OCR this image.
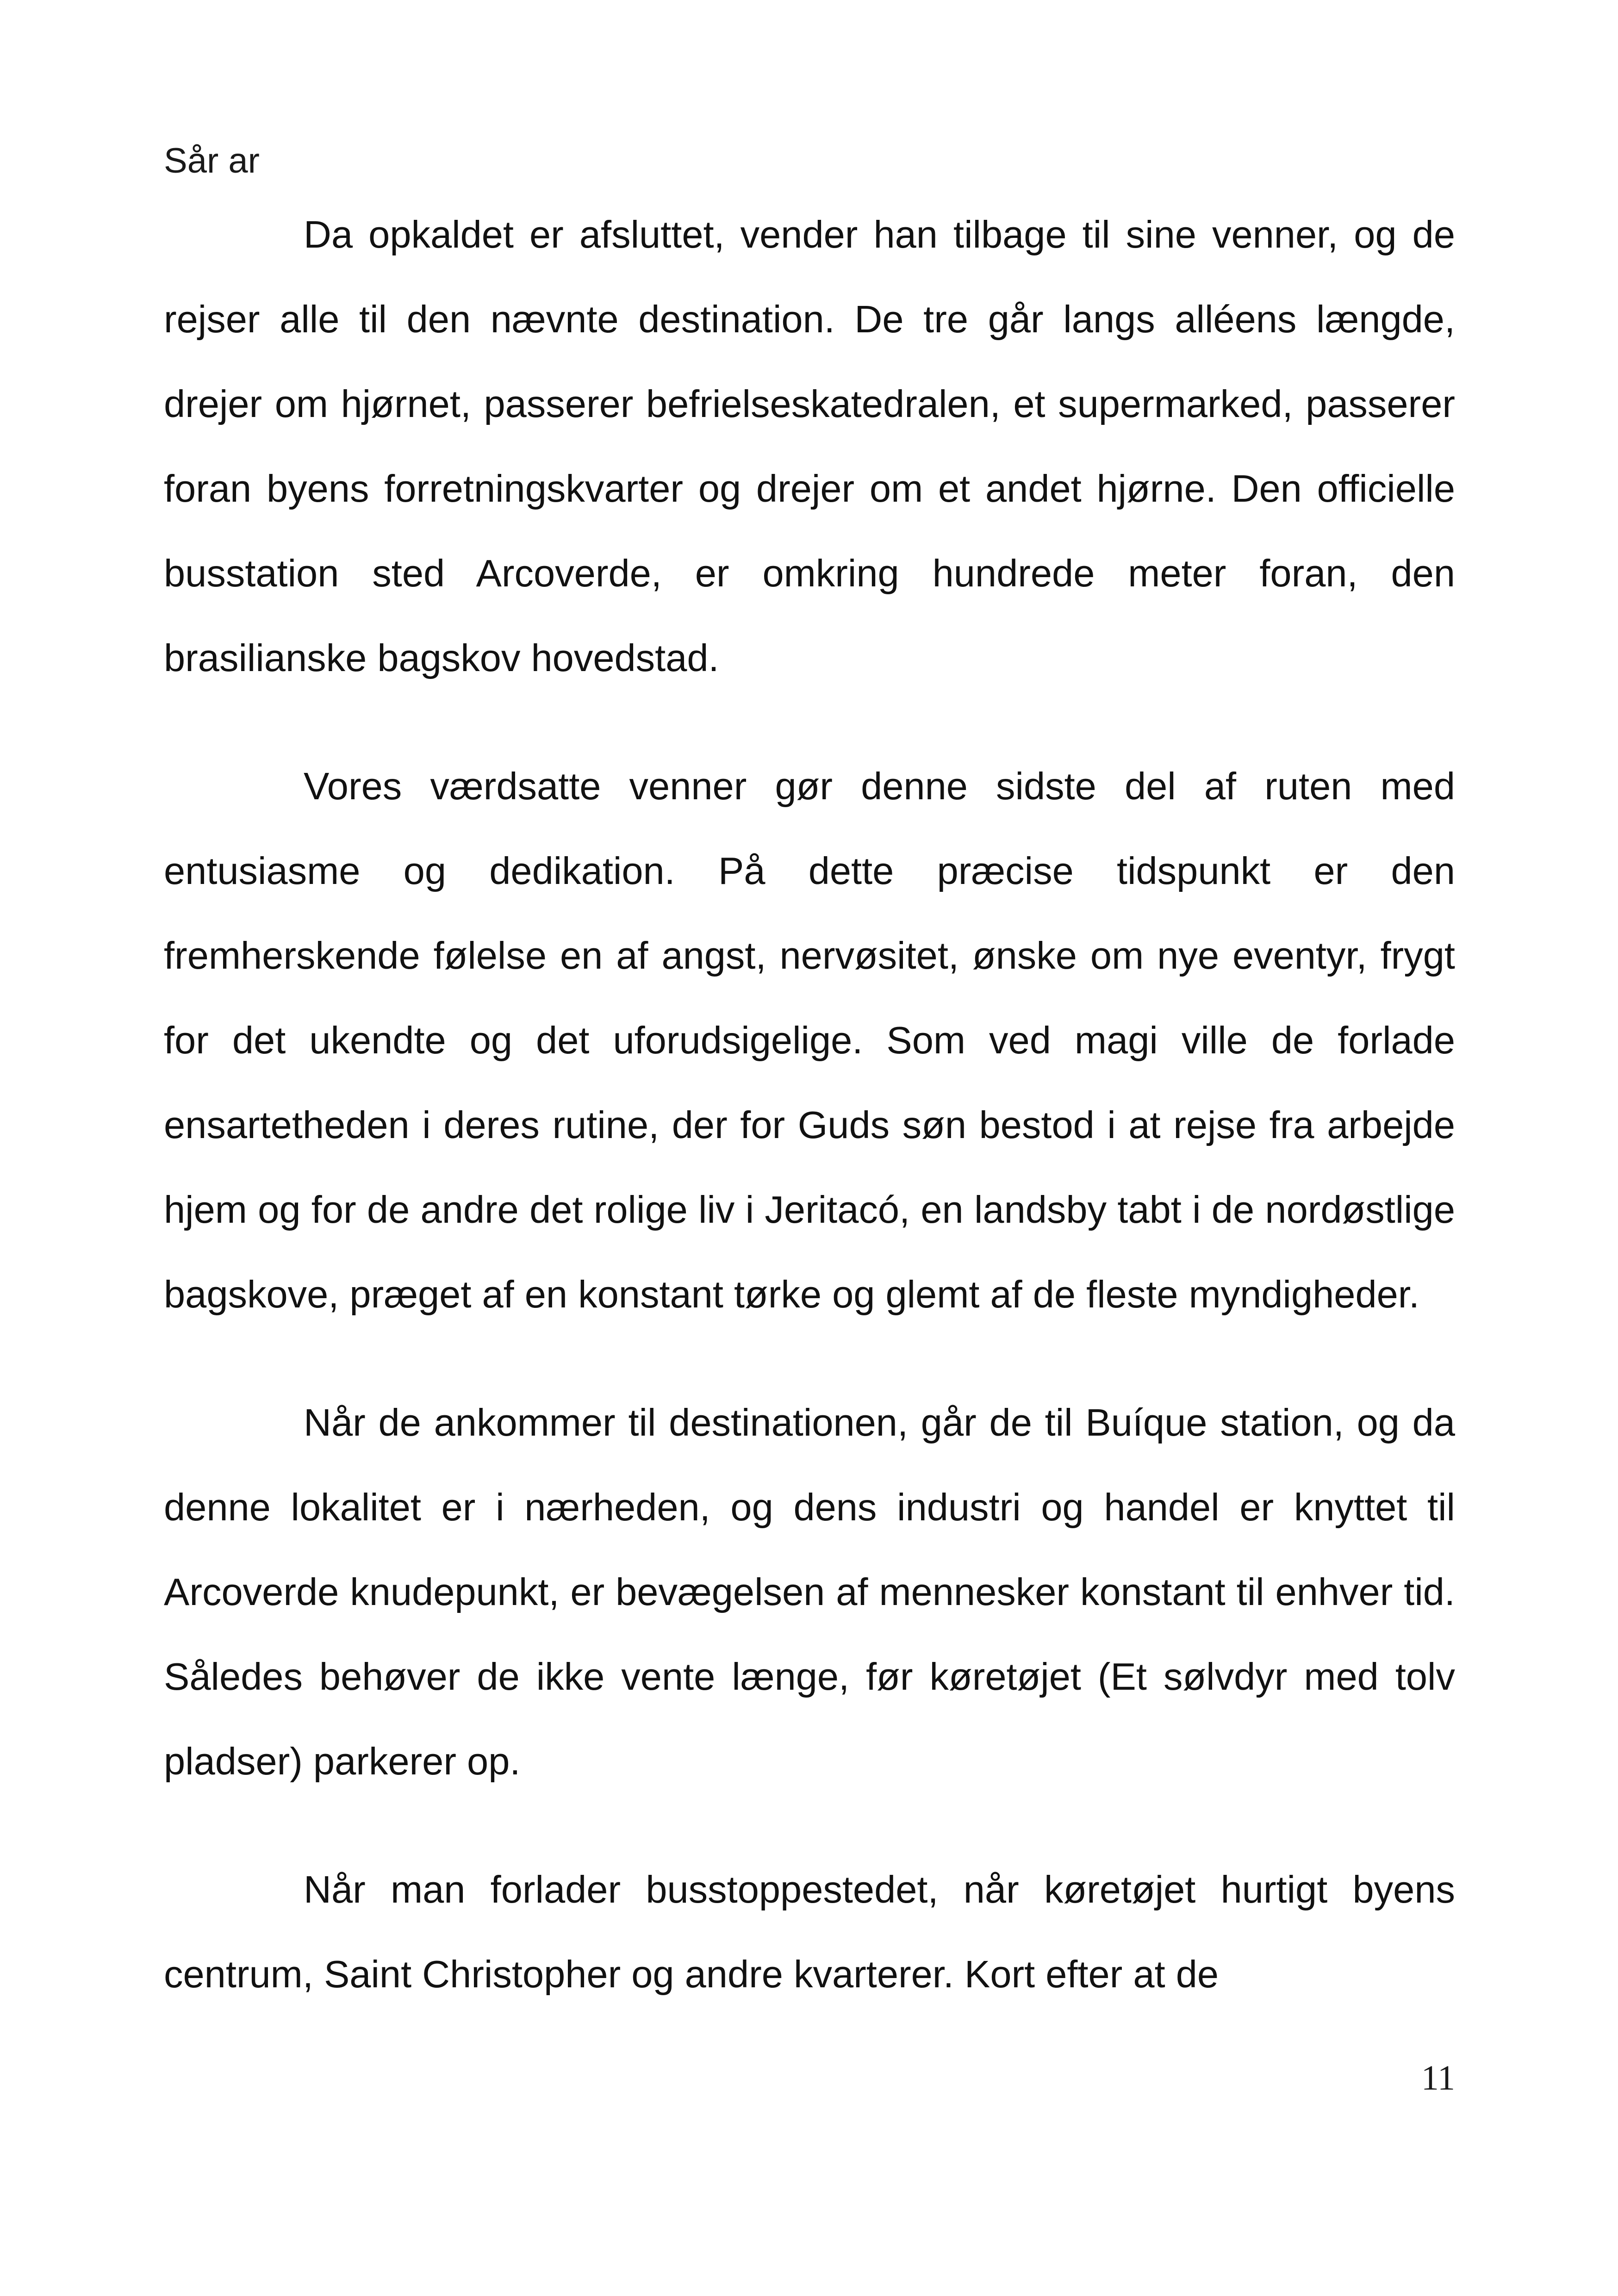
Sår ar

Da opkaldet er afsluttet, vender han tilbage til sine venner, og de rejser alle til den nævnte destination. De tre går langs alléens længde, drejer om hjørnet, passerer befrielseskatedralen, et supermarked, passerer foran byens forretningskvarter og drejer om et andet hjørne. Den officielle busstation sted Arcoverde, er omkring hundrede meter foran, den brasilianske bagskov hovedstad.

Vores værdsatte venner gør denne sidste del af ruten med entusiasme og dedikation. På dette præcise tidspunkt er den fremherskende følelse en af angst, nervøsitet, ønske om nye eventyr, frygt for det ukendte og det uforudsigelige. Som ved magi ville de forlade ensartetheden i deres rutine, der for Guds søn bestod i at rejse fra arbejde hjem og for de andre det rolige liv i Jeritacó, en landsby tabt i de nordøstlige bagskove, præget af en konstant tørke og glemt af de fleste myndigheder.

Når de ankommer til destinationen, går de til Buíque station, og da denne lokalitet er i nærheden, og dens industri og handel er knyttet til Arcoverde knudepunkt, er bevægelsen af mennesker konstant til enhver tid. Således behøver de ikke vente længe, før køretøjet (Et sølvdyr med tolv pladser) parkerer op.

Når man forlader busstoppestedet, når køretøjet hurtigt byens centrum, Saint Christopher og andre kvarterer. Kort efter at de

11
